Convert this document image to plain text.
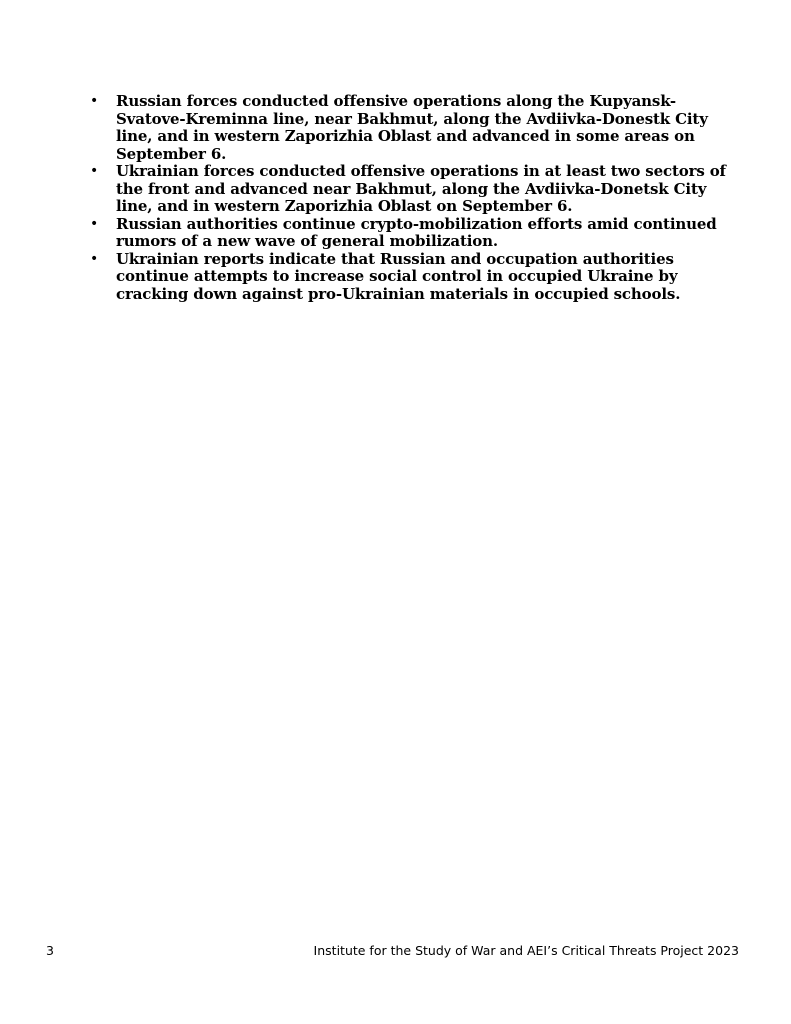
• Russian forces conducted offensive operations along the Kupyansk-Svatove-Kreminna line, near Bakhmut, along the Avdiivka-Donestk City line, and in western Zaporizhia Oblast and advanced in some areas on September 6.
• Ukrainian forces conducted offensive operations in at least two sectors of the front and advanced near Bakhmut, along the Avdiivka-Donetsk City line, and in western Zaporizhia Oblast on September 6.
• Russian authorities continue crypto-mobilization efforts amid continued rumors of a new wave of general mobilization.
• Ukrainian reports indicate that Russian and occupation authorities continue attempts to increase social control in occupied Ukraine by cracking down against pro-Ukrainian materials in occupied schools.
3	Institute for the Study of War and AEI’s Critical Threats Project 2023
